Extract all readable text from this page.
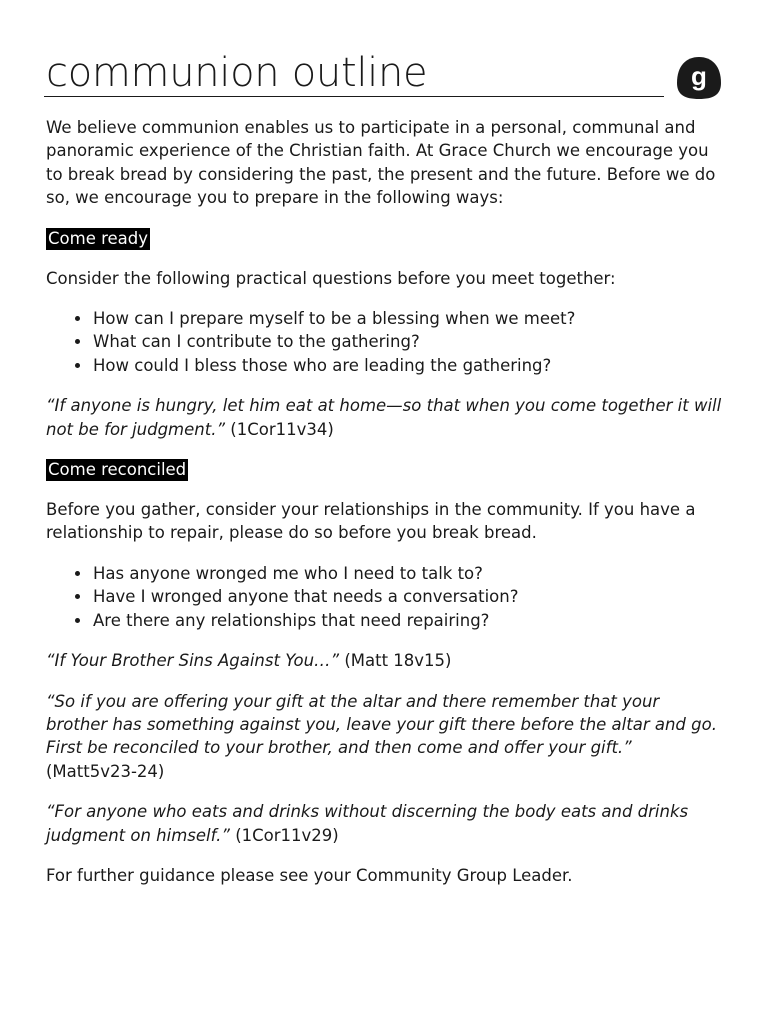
communion outline	g

We believe communion enables us to participate in a personal, communal and panoramic experience of the Christian faith. At Grace Church we encourage you to break bread by considering the past, the present and the future. Before we do so, we encourage you to prepare in the following ways:

Come ready

Consider the following practical questions before you meet together:

• How can I prepare myself to be a blessing when we meet?
• What can I contribute to the gathering?
• How could I bless those who are leading the gathering?

“If anyone is hungry, let him eat at home—so that when you come together it will not be for judgment.” (1Cor11v34)

Come reconciled

Before you gather, consider your relationships in the community. If you have a relationship to repair, please do so before you break bread.

• Has anyone wronged me who I need to talk to?
• Have I wronged anyone that needs a conversation?
• Are there any relationships that need repairing?

“If Your Brother Sins Against You…” (Matt 18v15)

“So if you are offering your gift at the altar and there remember that your brother has something against you, leave your gift there before the altar and go. First be reconciled to your brother, and then come and offer your gift.” (Matt5v23-24)

“For anyone who eats and drinks without discerning the body eats and drinks judgment on himself.” (1Cor11v29)

For further guidance please see your Community Group Leader.
